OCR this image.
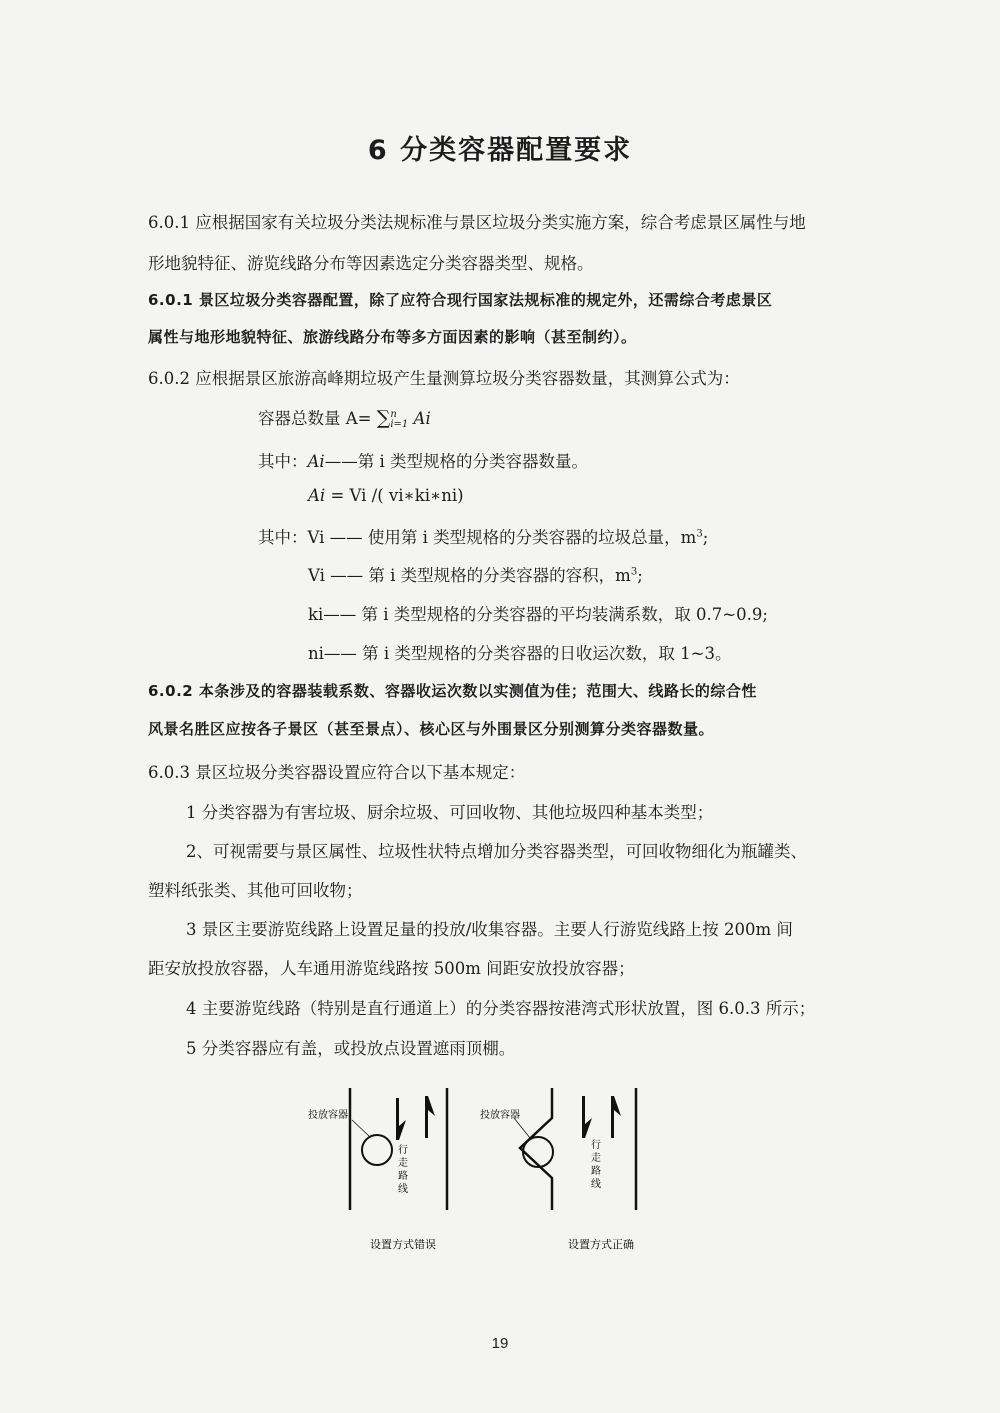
6 分类容器配置要求
6.0.1 应根据国家有关垃圾分类法规标准与景区垃圾分类实施方案，综合考虑景区属性与地
形地貌特征、游览线路分布等因素选定分类容器类型、规格。
6.0.1 景区垃圾分类容器配置，除了应符合现行国家法规标准的规定外，还需综合考虑景区
属性与地形地貌特征、旅游线路分布等多方面因素的影响（甚至制约）。
6.0.2 应根据景区旅游高峰期垃圾产生量测算垃圾分类容器数量，其测算公式为：
容器总数量 A= ∑ n
i=1 Ai
其中：Ai——第 i 类型规格的分类容器数量。
Ai = Vi /( vi∗ki∗ni)
其中：Vi —— 使用第 i 类型规格的分类容器的垃圾总量，$m^3$;
Vi —— 第 i 类型规格的分类容器的容积，$m^3$;
ki—— 第 i 类型规格的分类容器的平均装满系数，取 0.7~0.9;
ni—— 第 i 类型规格的分类容器的日收运次数，取 1~3。
6.0.2 本条涉及的容器装载系数、容器收运次数以实测值为佳；范围大、线路长的综合性
风景名胜区应按各子景区（甚至景点）、核心区与外围景区分别测算分类容器数量。
6.0.3 景区垃圾分类容器设置应符合以下基本规定：
1 分类容器为有害垃圾、厨余垃圾、可回收物、其他垃圾四种基本类型；
2、可视需要与景区属性、垃圾性状特点增加分类容器类型，可回收物细化为瓶罐类、
塑料纸张类、其他可回收物；
3 景区主要游览线路上设置足量的投放/收集容器。主要人行游览线路上按 200m 间
距安放投放容器，人车通用游览线路按 500m 间距安放投放容器；
4 主要游览线路（特别是直行通道上）的分类容器按港湾式形状放置，图 6.0.3 所示；
5 分类容器应有盖，或投放点设置遮雨顶棚。
投放容器
行
走
路
线
设置方式错误
投放容器
行
走
路
线
设置方式正确
19
